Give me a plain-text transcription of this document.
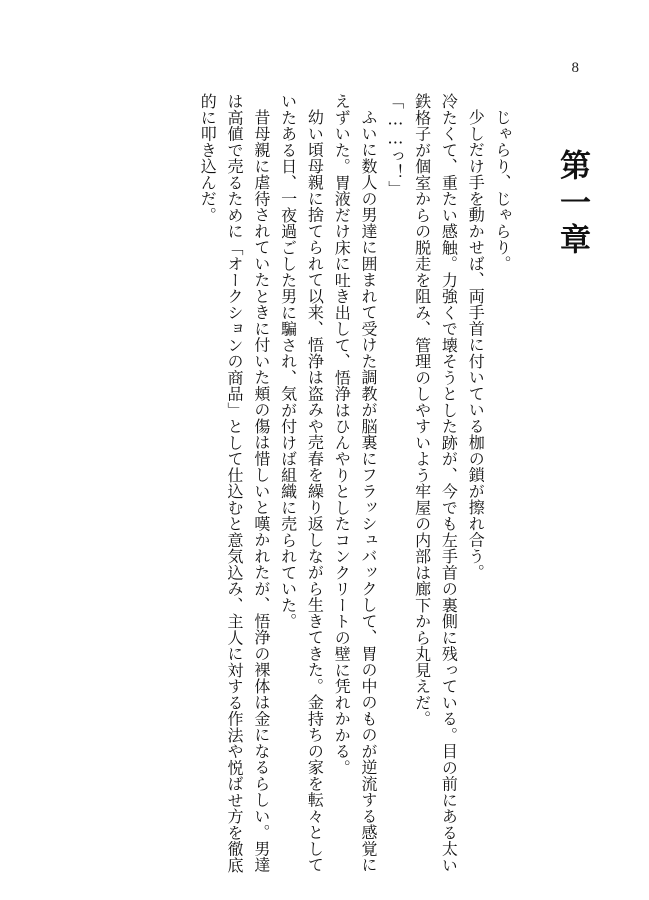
8
第一章

じゃらり、じゃらり。

少しだけ手を動かせば、両手首に付いている枷の鎖が擦れ合う。

冷たくて、重たい感触。力強くで壊そうとした跡が、今でも左手首の裏側に残っている。目の前にある太い鉄格子が個室からの脱走を阻み、管理のしやすいよう牢屋の内部は廊下から丸見えだ。

「……っ！」

ふいに数人の男達に囲まれて受けた調教が脳裏にフラッシュバックして、胃の中のものが逆流する感覚にえずいた。胃液だけ床に吐き出して、悟浄はひんやりとしたコンクリートの壁に凭れかかる。

幼い頃母親に捨てられて以来、悟浄は盗みや売春を繰り返しながら生きてきた。金持ちの家を転々としていたある日、一夜過ごした男に騙され、気が付けば組織に売られていた。

昔母親に虐待されていたときに付いた頬の傷は惜しいと嘆かれたが、悟浄の裸体は金になるらしい。男達は高値で売るために「オークションの商品」として仕込むと意気込み、主人に対する作法や悦ばせ方を徹底的に叩き込んだ。
